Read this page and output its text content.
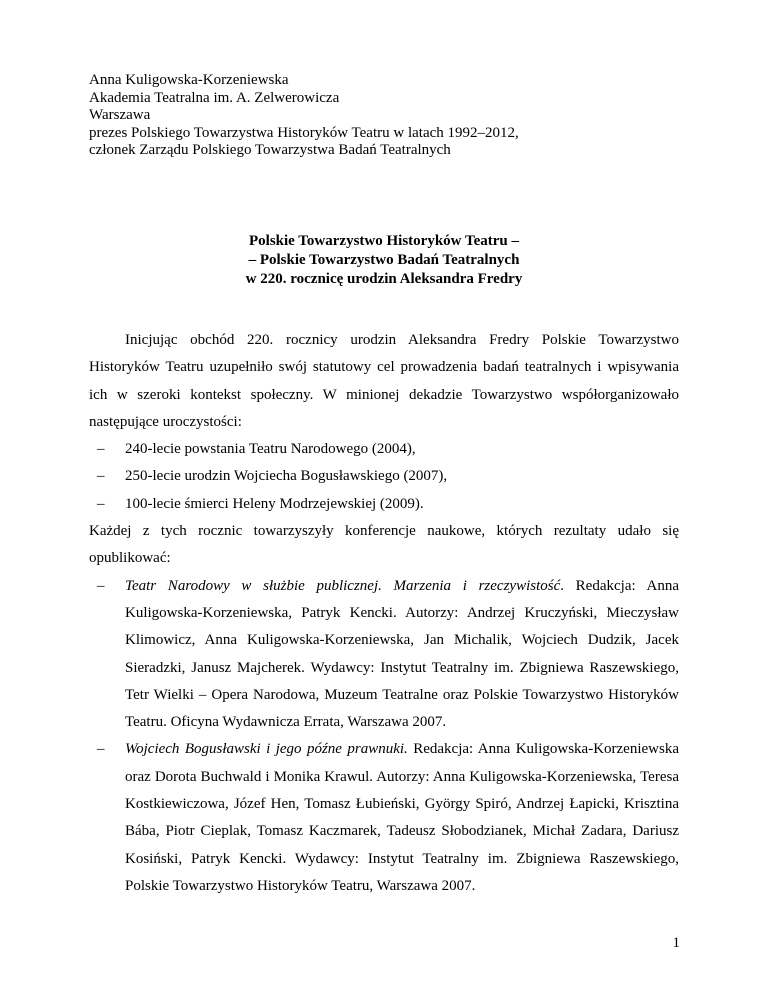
Anna Kuligowska-Korzeniewska
Akademia Teatralna im. A. Zelwerowicza
Warszawa
prezes Polskiego Towarzystwa Historyków Teatru w latach 1992–2012,
członek Zarządu Polskiego Towarzystwa Badań Teatralnych
Polskie Towarzystwo Historyków Teatru –
– Polskie Towarzystwo Badań Teatralnych
w 220. rocznicę urodzin Aleksandra Fredry

Inicjując obchód 220. rocznicy urodzin Aleksandra Fredry Polskie Towarzystwo Historyków Teatru uzupełniło swój statutowy cel prowadzenia badań teatralnych i wpisywania ich w szeroki kontekst społeczny. W minionej dekadzie Towarzystwo współorganizowało następujące uroczystości:

– 240-lecie powstania Teatru Narodowego (2004),
– 250-lecie urodzin Wojciecha Bogusławskiego (2007),
– 100-lecie śmierci Heleny Modrzejewskiej (2009).

Każdej z tych rocznic towarzyszyły konferencje naukowe, których rezultaty udało się opublikować:

– Teatr Narodowy w służbie publicznej. Marzenia i rzeczywistość. Redakcja: Anna Kuligowska-Korzeniewska, Patryk Kencki. Autorzy: Andrzej Kruczyński, Mieczysław Klimowicz, Anna Kuligowska-Korzeniewska, Jan Michalik, Wojciech Dudzik, Jacek Sieradzki, Janusz Majcherek. Wydawcy: Instytut Teatralny im. Zbigniewa Raszewskiego, Tetr Wielki – Opera Narodowa, Muzeum Teatralne oraz Polskie Towarzystwo Historyków Teatru. Oficyna Wydawnicza Errata, Warszawa 2007.
– Wojciech Bogusławski i jego późne prawnuki. Redakcja: Anna Kuligowska-Korzeniewska oraz Dorota Buchwald i Monika Krawul. Autorzy: Anna Kuligowska-Korzeniewska, Teresa Kostkiewiczowa, Józef Hen, Tomasz Łubieński, György Spiró, Andrzej Łapicki, Krisztina Bába, Piotr Cieplak, Tomasz Kaczmarek, Tadeusz Słobodzianek, Michał Zadara, Dariusz Kosiński, Patryk Kencki. Wydawcy: Instytut Teatralny im. Zbigniewa Raszewskiego, Polskie Towarzystwo Historyków Teatru, Warszawa 2007.
1
